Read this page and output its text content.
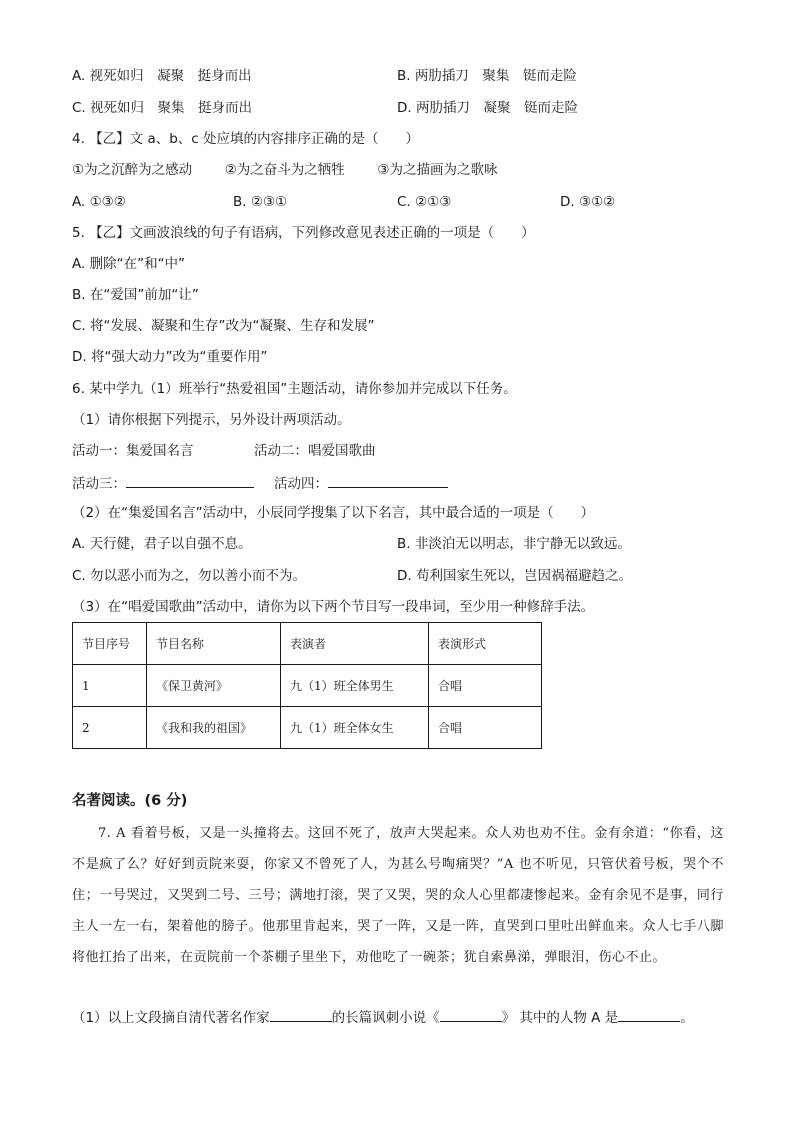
A. 视死如归　凝聚　挺身而出	B. 两肋插刀　聚集　铤而走险
C. 视死如归　聚集　挺身而出	D. 两肋插刀　凝聚　铤而走险
4. 【乙】文 a、b、c 处应填的内容排序正确的是（　　）
①为之沉醉为之感动 ②为之奋斗为之牺牲 ③为之描画为之歌咏
A. ①③②	B. ②③①	C. ②①③	D. ③①②
5. 【乙】文画波浪线的句子有语病，下列修改意见表述正确的一项是（　　）
A. 删除“在”和“中”
B. 在“爱国”前加“让”
C. 将“发展、凝聚和生存”改为“凝聚、生存和发展”
D. 将“强大动力”改为“重要作用”
6. 某中学九（1）班举行“热爱祖国”主题活动，请你参加并完成以下任务。
（1）请你根据下列提示，另外设计两项活动。
活动一：集爱国名言	活动二：唱爱国歌曲
活动三：	活动四：
（2）在“集爱国名言”活动中，小辰同学搜集了以下名言，其中最合适的一项是（　　）
A. 天行健，君子以自强不息。	B. 非淡泊无以明志，非宁静无以致远。
C. 勿以恶小而为之，勿以善小而不为。	D. 苟利国家生死以，岂因祸福避趋之。
（3）在“唱爱国歌曲”活动中，请你为以下两个节目写一段串词，至少用一种修辞手法。
节目序号	节目名称	表演者	表演形式
1	《保卫黄河》	九（1）班全体男生	合唱
2	《我和我的祖国》	九（1）班全体女生	合唱
名著阅读。(6 分)
7. A 看着号板，又是一头撞将去。这回不死了，放声大哭起来。众人劝也劝不住。金有余道：“你看，这不是疯了么？好好到贡院来耍，你家又不曾死了人，为甚么号啕痛哭？”A 也不听见，只管伏着号板，哭个不住；一号哭过，又哭到二号、三号；满地打滚，哭了又哭，哭的众人心里都凄惨起来。金有余见不是事，同行主人一左一右，架着他的膀子。他那里肯起来，哭了一阵，又是一阵，直哭到口里吐出鲜血来。众人七手八脚将他扛抬了出来，在贡院前一个茶棚子里坐下，劝他吃了一碗茶；犹自索鼻涕，弹眼泪，伤心不止。
（1）以上文段摘自清代著名作家	的长篇讽刺小说《	》 其中的人物 A 是	。
